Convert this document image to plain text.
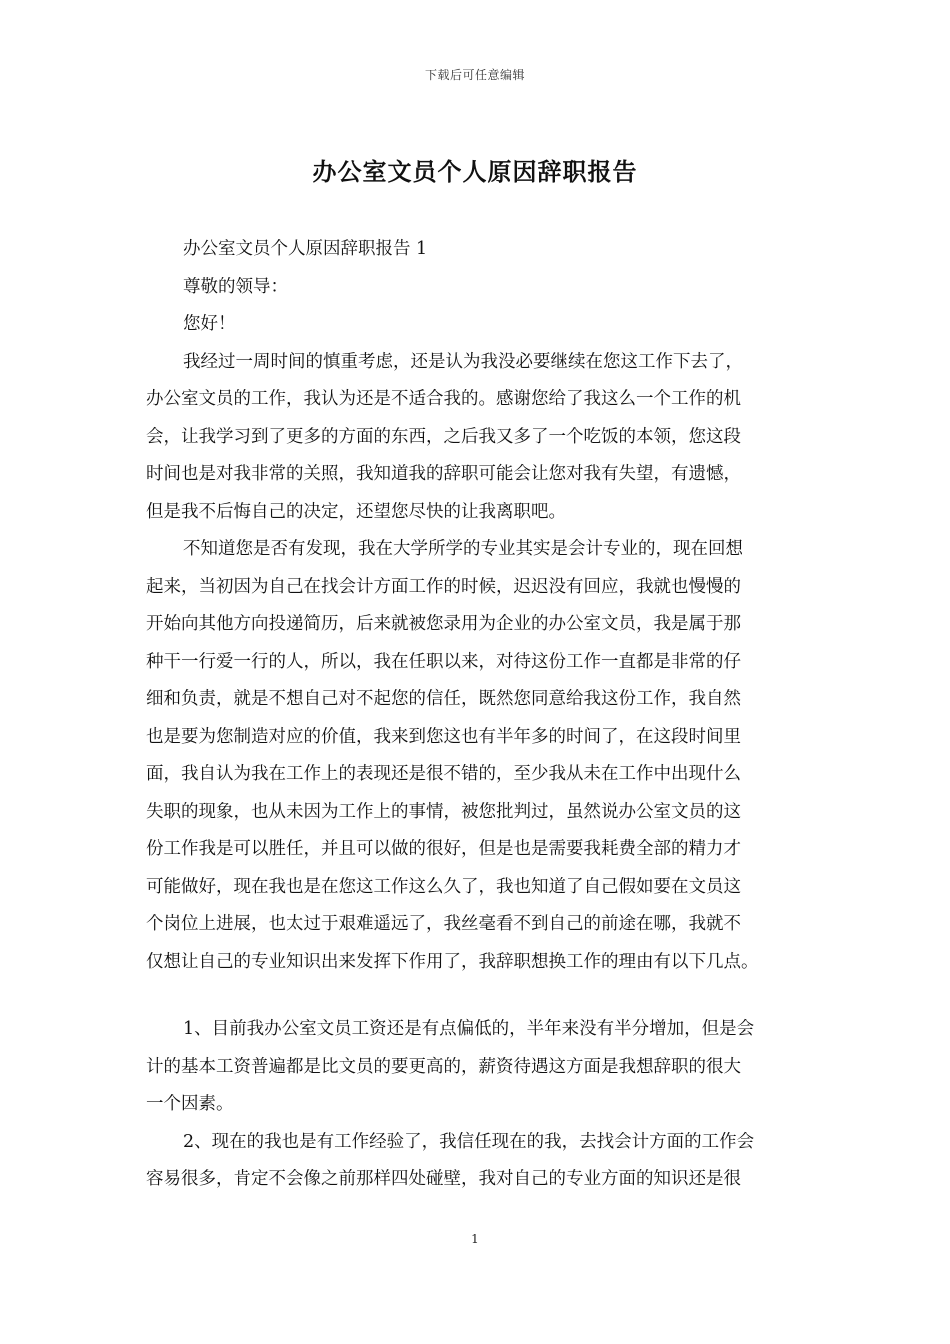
下载后可任意编辑
办公室文员个人原因辞职报告
办公室文员个人原因辞职报告 1
尊敬的领导：
您好！
我经过一周时间的慎重考虑，还是认为我没必要继续在您这工作下去了，
办公室文员的工作，我认为还是不适合我的。感谢您给了我这么一个工作的机
会，让我学习到了更多的方面的东西，之后我又多了一个吃饭的本领，您这段
时间也是对我非常的关照，我知道我的辞职可能会让您对我有失望，有遗憾，
但是我不后悔自己的决定，还望您尽快的让我离职吧。
不知道您是否有发现，我在大学所学的专业其实是会计专业的，现在回想
起来，当初因为自己在找会计方面工作的时候，迟迟没有回应，我就也慢慢的
开始向其他方向投递简历，后来就被您录用为企业的办公室文员，我是属于那
种干一行爱一行的人，所以，我在任职以来，对待这份工作一直都是非常的仔
细和负责，就是不想自己对不起您的信任，既然您同意给我这份工作，我自然
也是要为您制造对应的价值，我来到您这也有半年多的时间了，在这段时间里
面，我自认为我在工作上的表现还是很不错的，至少我从未在工作中出现什么
失职的现象，也从未因为工作上的事情，被您批判过，虽然说办公室文员的这
份工作我是可以胜任，并且可以做的很好，但是也是需要我耗费全部的精力才
可能做好，现在我也是在您这工作这么久了，我也知道了自己假如要在文员这
个岗位上进展，也太过于艰难遥远了，我丝毫看不到自己的前途在哪，我就不
仅想让自己的专业知识出来发挥下作用了，我辞职想换工作的理由有以下几点。
1、目前我办公室文员工资还是有点偏低的，半年来没有半分增加，但是会
计的基本工资普遍都是比文员的要更高的，薪资待遇这方面是我想辞职的很大
一个因素。
2、现在的我也是有工作经验了，我信任现在的我，去找会计方面的工作会
容易很多，肯定不会像之前那样四处碰壁，我对自己的专业方面的知识还是很
1
